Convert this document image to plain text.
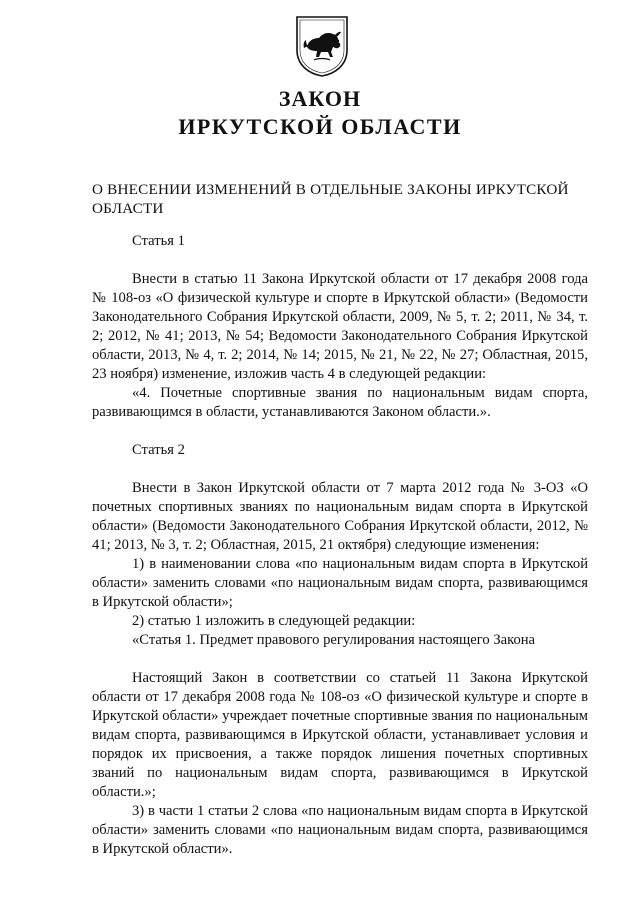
ЗАКОН
ИРКУТСКОЙ ОБЛАСТИ
О ВНЕСЕНИИ ИЗМЕНЕНИЙ В ОТДЕЛЬНЫЕ ЗАКОНЫ ИРКУТСКОЙ ОБЛАСТИ

Статья 1

Внести в статью 11 Закона Иркутской области от 17 декабря 2008 года № 108-оз «О физической культуре и спорте в Иркутской области» (Ведомости Законодательного Собрания Иркутской области, 2009, № 5, т. 2; 2011, № 34, т. 2; 2012, № 41; 2013, № 54; Ведомости Законодательного Собрания Иркутской области, 2013, № 4, т. 2; 2014, № 14; 2015, № 21, № 22, № 27; Областная, 2015, 23 ноября) изменение, изложив часть 4 в следующей редакции:

«4. Почетные спортивные звания по национальным видам спорта, развивающимся в области, устанавливаются Законом области.».

Статья 2

Внести в Закон Иркутской области от 7 марта 2012 года № 3-ОЗ «О почетных спортивных званиях по национальным видам спорта в Иркутской области» (Ведомости Законодательного Собрания Иркутской области, 2012, № 41; 2013, № 3, т. 2; Областная, 2015, 21 октября) следующие изменения:

1) в наименовании слова «по национальным видам спорта в Иркутской области» заменить словами «по национальным видам спорта, развивающимся в Иркутской области»;

2) статью 1 изложить в следующей редакции:

«Статья 1. Предмет правового регулирования настоящего Закона

Настоящий Закон в соответствии со статьей 11 Закона Иркутской области от 17 декабря 2008 года № 108-оз «О физической культуре и спорте в Иркутской области» учреждает почетные спортивные звания по национальным видам спорта, развивающимся в Иркутской области, устанавливает условия и порядок их присвоения, а также порядок лишения почетных спортивных званий по национальным видам спорта, развивающимся в Иркутской области.»;

3) в части 1 статьи 2 слова «по национальным видам спорта в Иркутской области» заменить словами «по национальным видам спорта, развивающимся в Иркутской области».
